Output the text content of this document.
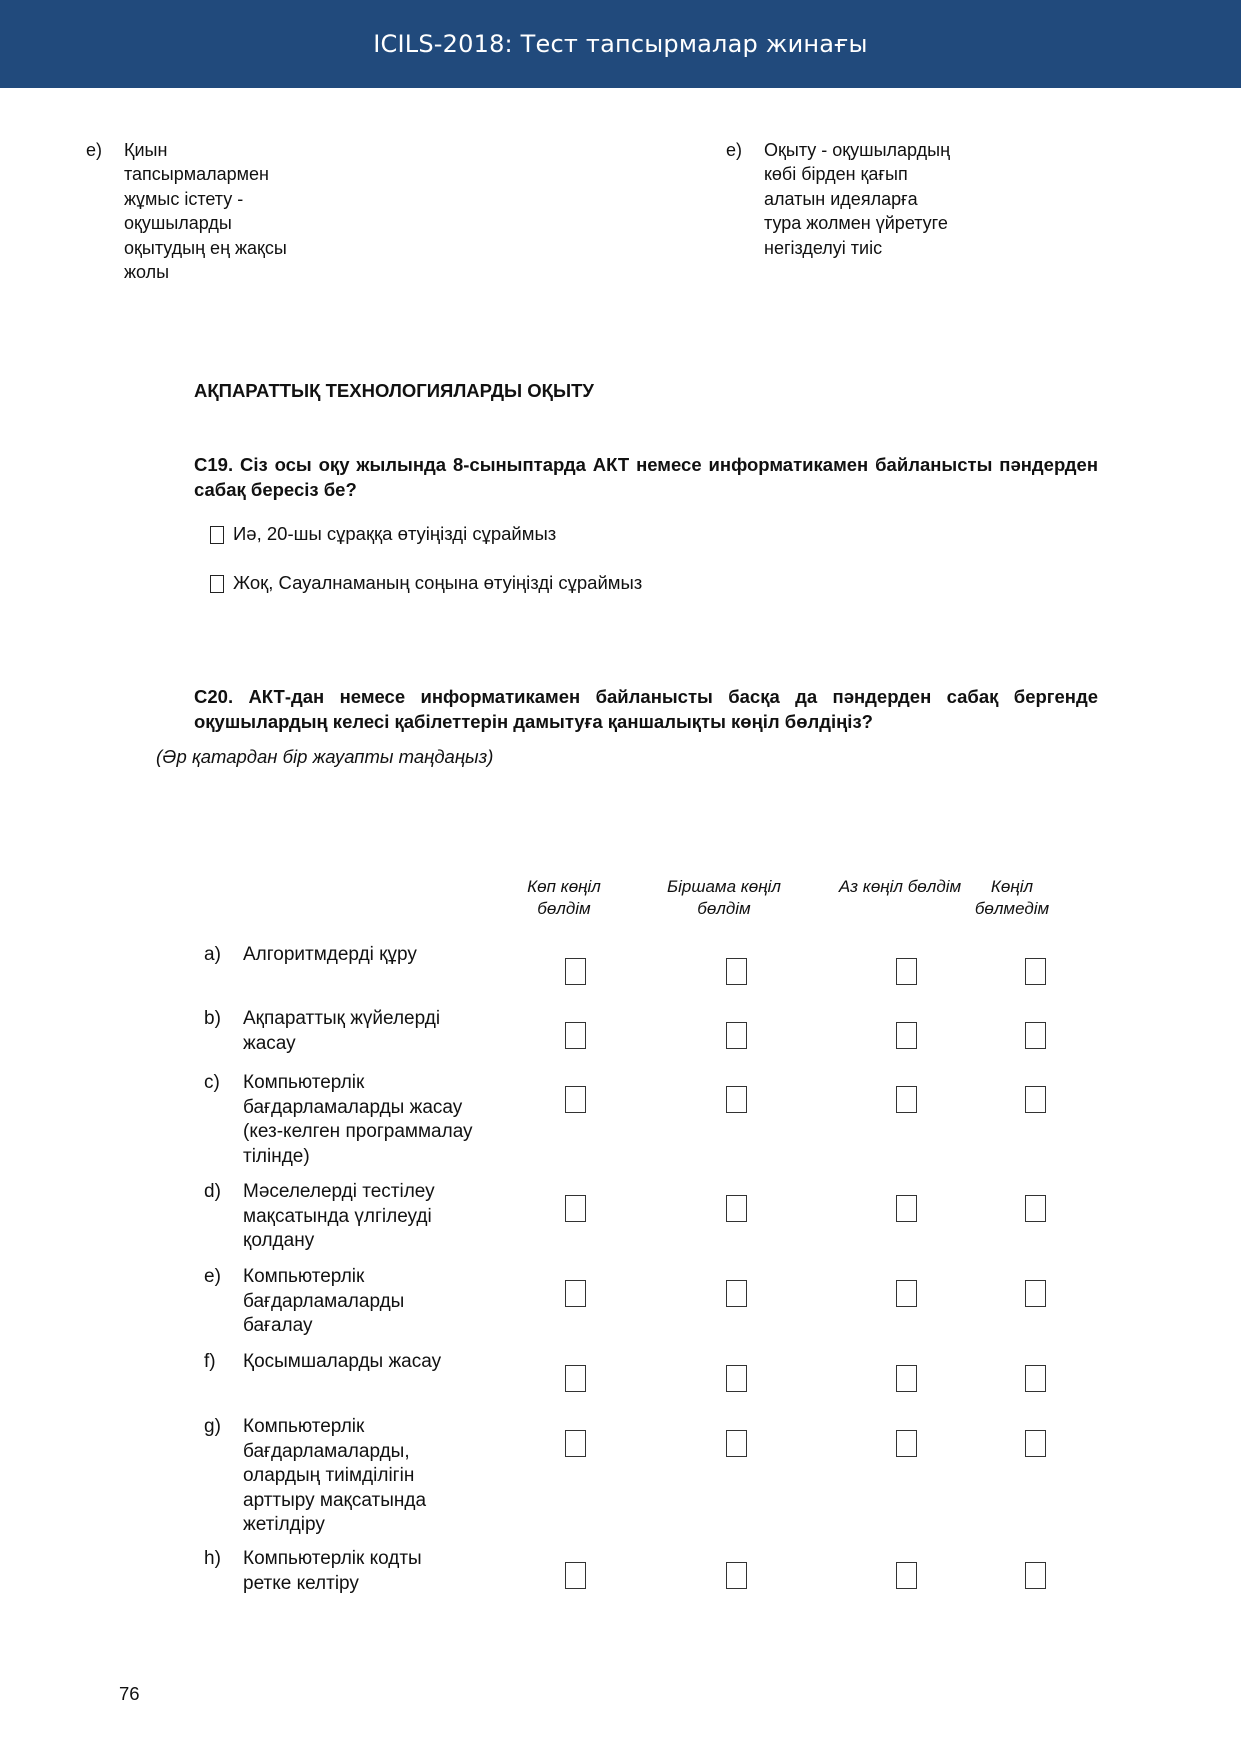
ICILS-2018: Тест тапсырмалар жинағы
е) Қиын тапсырмалармен жұмыс істету - оқушыларды оқытудың ең жақсы жолы
е) Оқыту - оқушылардың көбі бірден қағып алатын идеяларға тура жолмен үйретуге негізделуі тиіс
АҚПАРАТТЫҚ ТЕХНОЛОГИЯЛАРДЫ ОҚЫТУ
С19. Сіз осы оқу жылында 8-сыныптарда АКТ немесе информатикамен байланысты пәндерден сабақ бересіз бе?
Иә, 20-шы сұраққа өтуіңізді сұраймыз
Жоқ, Сауалнаманың соңына өтуіңізді сұраймыз
С20. АКТ-дан немесе информатикамен байланысты басқа да пәндерден сабақ бергенде оқушылардың келесі қабілеттерін дамытуға қаншалықты көңіл бөлдіңіз?
(Әр қатардан бір жауапты таңдаңыз)
Көп көңіл
бөлдім
Біршама көңіл
бөлдім
Аз көңіл бөлдім	Көңіл
бөлмедім
a) Алгоритмдерді құру
b) Ақпараттық жүйелерді жасау
c) Компьютерлік бағдарламаларды жасау (кез-келген программалау тілінде)
d) Мәселелерді тестілеу мақсатында үлгілеуді қолдану
e) Компьютерлік бағдарламаларды бағалау
f) Қосымшаларды жасау
g) Компьютерлік бағдарламаларды, олардың тиімділігін арттыру мақсатында жетілдіру
h) Компьютерлік кодты ретке келтіру
76
